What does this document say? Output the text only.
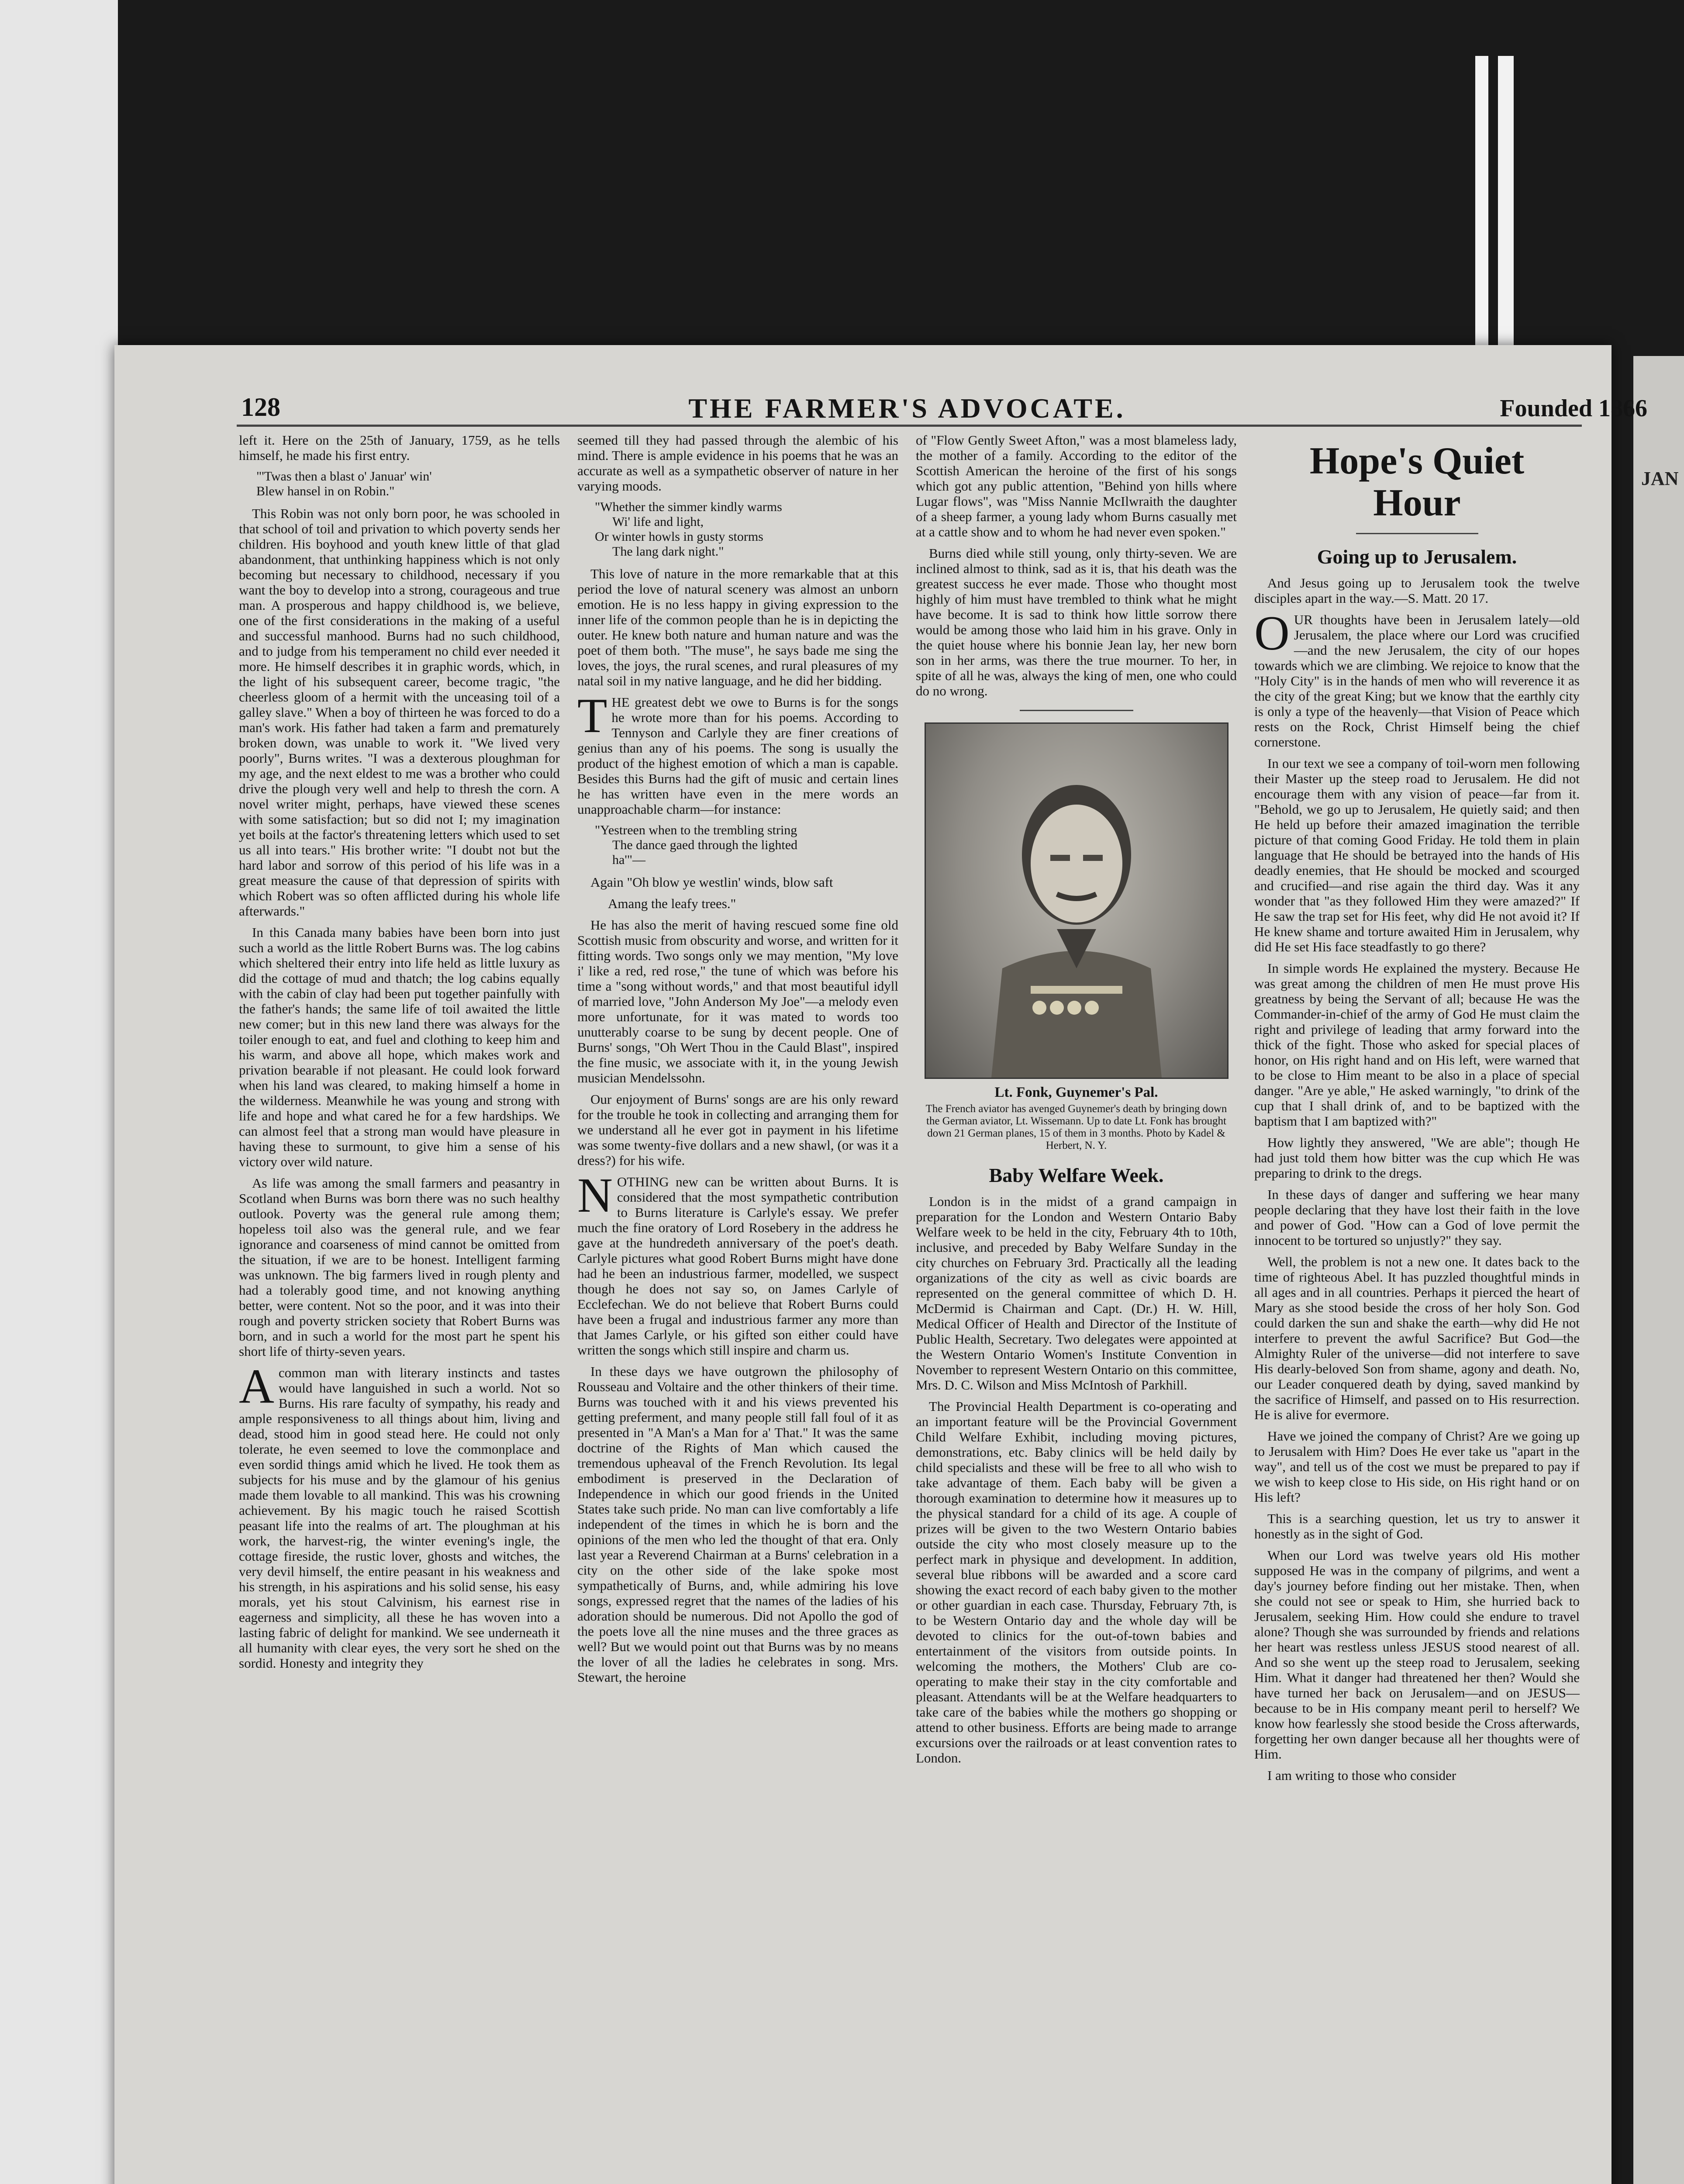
JAN
128	THE FARMER'S ADVOCATE.	Founded 1866

left it. Here on the 25th of January, 1759, as he tells himself, he made his first entry.

"'Twas then a blast o' Januar' win'
Blew hansel in on Robin."

This Robin was not only born poor, he was schooled in that school of toil and privation to which poverty sends her children. His boyhood and youth knew little of that glad abandonment, that unthinking happiness which is not only becoming but necessary to childhood, necessary if you want the boy to develop into a strong, courageous and true man. A prosperous and happy childhood is, we believe, one of the first considerations in the making of a useful and successful manhood. Burns had no such childhood, and to judge from his temperament no child ever needed it more. He himself describes it in graphic words, which, in the light of his subsequent career, become tragic, "the cheerless gloom of a hermit with the unceasing toil of a galley slave." When a boy of thirteen he was forced to do a man's work. His father had taken a farm and prematurely broken down, was unable to work it. "We lived very poorly", Burns writes. "I was a dexterous ploughman for my age, and the next eldest to me was a brother who could drive the plough very well and help to thresh the corn. A novel writer might, perhaps, have viewed these scenes with some satisfaction; but so did not I; my imagination yet boils at the factor's threatening letters which used to set us all into tears." His brother write: "I doubt not but the hard labor and sorrow of this period of his life was in a great measure the cause of that depression of spirits with which Robert was so often afflicted during his whole life afterwards."

In this Canada many babies have been born into just such a world as the little Robert Burns was. The log cabins which sheltered their entry into life held as little luxury as did the cottage of mud and thatch; the log cabins equally with the cabin of clay had been put together painfully with the father's hands; the same life of toil awaited the little new comer; but in this new land there was always for the toiler enough to eat, and fuel and clothing to keep him and his warm, and above all hope, which makes work and privation bearable if not pleasant. He could look forward when his land was cleared, to making himself a home in the wilderness. Meanwhile he was young and strong with life and hope and what cared he for a few hardships. We can almost feel that a strong man would have pleasure in having these to surmount, to give him a sense of his victory over wild nature.

As life was among the small farmers and peasantry in Scotland when Burns was born there was no such healthy outlook. Poverty was the general rule among them; hopeless toil also was the general rule, and we fear ignorance and coarseness of mind cannot be omitted from the situation, if we are to be honest. Intelligent farming was unknown. The big farmers lived in rough plenty and had a tolerably good time, and not knowing anything better, were content. Not so the poor, and it was into their rough and poverty stricken society that Robert Burns was born, and in such a world for the most part he spent his short life of thirty-seven years.

Acommon man with literary instincts and tastes would have languished in such a world. Not so Burns. His rare faculty of sympathy, his ready and ample responsiveness to all things about him, living and dead, stood him in good stead here. He could not only tolerate, he even seemed to love the commonplace and even sordid things amid which he lived. He took them as subjects for his muse and by the glamour of his genius made them lovable to all mankind. This was his crowning achievement. By his magic touch he raised Scottish peasant life into the realms of art. The ploughman at his work, the harvest-rig, the winter evening's ingle, the cottage fireside, the rustic lover, ghosts and witches, the very devil himself, the entire peasant in his weakness and his strength, in his aspirations and his solid sense, his easy morals, yet his stout Calvinism, his earnest rise in eagerness and simplicity, all these he has woven into a lasting fabric of delight for mankind. We see underneath it all humanity with clear eyes, the very sort he shed on the sordid. Honesty and integrity they

seemed till they had passed through the alembic of his mind. There is ample evidence in his poems that he was an accurate as well as a sympathetic observer of nature in her varying moods.

"Whether the simmer kindly warms
Wi' life and light,
Or winter howls in gusty storms
The lang dark night."

This love of nature in the more remarkable that at this period the love of natural scenery was almost an unborn emotion. He is no less happy in giving expression to the inner life of the common people than he is in depicting the outer. He knew both nature and human nature and was the poet of them both. "The muse", he says bade me sing the loves, the joys, the rural scenes, and rural pleasures of my natal soil in my native language, and he did her bidding.

THE greatest debt we owe to Burns is for the songs he wrote more than for his poems. According to Tennyson and Carlyle they are finer creations of genius than any of his poems. The song is usually the product of the highest emotion of which a man is capable. Besides this Burns had the gift of music and certain lines he has written have even in the mere words an unapproachable charm—for instance:

"Yestreen when to the trembling string
The dance gaed through the lighted
ha'"—

Again "Oh blow ye westlin' winds, blow saft

Amang the leafy trees."

He has also the merit of having rescued some fine old Scottish music from obscurity and worse, and written for it fitting words. Two songs only we may mention, "My love i' like a red, red rose," the tune of which was before his time a "song without words," and that most beautiful idyll of married love, "John Anderson My Joe"—a melody even more unfortunate, for it was mated to words too unutterably coarse to be sung by decent people. One of Burns' songs, "Oh Wert Thou in the Cauld Blast", inspired the fine music, we associate with it, in the young Jewish musician Mendelssohn.

Our enjoyment of Burns' songs are are his only reward for the trouble he took in collecting and arranging them for we understand all he ever got in payment in his lifetime was some twenty-five dollars and a new shawl, (or was it a dress?) for his wife.

NOTHING new can be written about Burns. It is considered that the most sympathetic contribution to Burns literature is Carlyle's essay. We prefer much the fine oratory of Lord Rosebery in the address he gave at the hundredeth anniversary of the poet's death. Carlyle pictures what good Robert Burns might have done had he been an industrious farmer, modelled, we suspect though he does not say so, on James Carlyle of Ecclefechan. We do not believe that Robert Burns could have been a frugal and industrious farmer any more than that James Carlyle, or his gifted son either could have written the songs which still inspire and charm us.

In these days we have outgrown the philosophy of Rousseau and Voltaire and the other thinkers of their time. Burns was touched with it and his views prevented his getting preferment, and many people still fall foul of it as presented in "A Man's a Man for a' That." It was the same doctrine of the Rights of Man which caused the tremendous upheaval of the French Revolution. Its legal embodiment is preserved in the Declaration of Independence in which our good friends in the United States take such pride. No man can live comfortably a life independent of the times in which he is born and the opinions of the men who led the thought of that era. Only last year a Reverend Chairman at a Burns' celebration in a city on the other side of the lake spoke most sympathetically of Burns, and, while admiring his love songs, expressed regret that the names of the ladies of his adoration should be numerous. Did not Apollo the god of the poets love all the nine muses and the three graces as well? But we would point out that Burns was by no means the lover of all the ladies he celebrates in song. Mrs. Stewart, the heroine

of "Flow Gently Sweet Afton," was a most blameless lady, the mother of a family. According to the editor of the Scottish American the heroine of the first of his songs which got any public attention, "Behind yon hills where Lugar flows", was "Miss Nannie McIlwraith the daughter of a sheep farmer, a young lady whom Burns casually met at a cattle show and to whom he had never even spoken."

Burns died while still young, only thirty-seven. We are inclined almost to think, sad as it is, that his death was the greatest success he ever made. Those who thought most highly of him must have trembled to think what he might have become. It is sad to think how little sorrow there would be among those who laid him in his grave. Only in the quiet house where his bonnie Jean lay, her new born son in her arms, was there the true mourner. To her, in spite of all he was, always the king of men, one who could do no wrong.

Lt. Fonk, Guynemer's Pal.
The French aviator has avenged Guynemer's death by bringing down the German aviator, Lt. Wissemann. Up to date Lt. Fonk has brought down 21 German planes, 15 of them in 3 months. Photo by Kadel & Herbert, N. Y.
Baby Welfare Week.

London is in the midst of a grand campaign in preparation for the London and Western Ontario Baby Welfare week to be held in the city, February 4th to 10th, inclusive, and preceded by Baby Welfare Sunday in the city churches on February 3rd. Practically all the leading organizations of the city as well as civic boards are represented on the general committee of which D. H. McDermid is Chairman and Capt. (Dr.) H. W. Hill, Medical Officer of Health and Director of the Institute of Public Health, Secretary. Two delegates were appointed at the Western Ontario Women's Institute Convention in November to represent Western Ontario on this committee, Mrs. D. C. Wilson and Miss McIntosh of Parkhill.

The Provincial Health Department is co-operating and an important feature will be the Provincial Government Child Welfare Exhibit, including moving pictures, demonstrations, etc. Baby clinics will be held daily by child specialists and these will be free to all who wish to take advantage of them. Each baby will be given a thorough examination to determine how it measures up to the physical standard for a child of its age. A couple of prizes will be given to the two Western Ontario babies outside the city who most closely measure up to the perfect mark in physique and development. In addition, several blue ribbons will be awarded and a score card showing the exact record of each baby given to the mother or other guardian in each case. Thursday, February 7th, is to be Western Ontario day and the whole day will be devoted to clinics for the out-of-town babies and entertainment of the visitors from outside points. In welcoming the mothers, the Mothers' Club are co-operating to make their stay in the city comfortable and pleasant. Attendants will be at the Welfare headquarters to take care of the babies while the mothers go shopping or attend to other business. Efforts are being made to arrange excursions over the railroads or at least convention rates to London.

Hope's Quiet
Hour
Going up to Jerusalem.

And Jesus going up to Jerusalem took the twelve disciples apart in the way.—S. Matt. 20 17.

OUR thoughts have been in Jerusalem lately—old Jerusalem, the place where our Lord was crucified—and the new Jerusalem, the city of our hopes towards which we are climbing. We rejoice to know that the "Holy City" is in the hands of men who will reverence it as the city of the great King; but we know that the earthly city is only a type of the heavenly—that Vision of Peace which rests on the Rock, Christ Himself being the chief cornerstone.

In our text we see a company of toil-worn men following their Master up the steep road to Jerusalem. He did not encourage them with any vision of peace—far from it. "Behold, we go up to Jerusalem, He quietly said; and then He held up before their amazed imagination the terrible picture of that coming Good Friday. He told them in plain language that He should be betrayed into the hands of His deadly enemies, that He should be mocked and scourged and crucified—and rise again the third day. Was it any wonder that "as they followed Him they were amazed?" If He saw the trap set for His feet, why did He not avoid it? If He knew shame and torture awaited Him in Jerusalem, why did He set His face steadfastly to go there?

In simple words He explained the mystery. Because He was great among the children of men He must prove His greatness by being the Servant of all; because He was the Commander-in-chief of the army of God He must claim the right and privilege of leading that army forward into the thick of the fight. Those who asked for special places of honor, on His right hand and on His left, were warned that to be close to Him meant to be also in a place of special danger. "Are ye able," He asked warningly, "to drink of the cup that I shall drink of, and to be baptized with the baptism that I am baptized with?"

How lightly they answered, "We are able"; though He had just told them how bitter was the cup which He was preparing to drink to the dregs.

In these days of danger and suffering we hear many people declaring that they have lost their faith in the love and power of God. "How can a God of love permit the innocent to be tortured so unjustly?" they say.

Well, the problem is not a new one. It dates back to the time of righteous Abel. It has puzzled thoughtful minds in all ages and in all countries. Perhaps it pierced the heart of Mary as she stood beside the cross of her holy Son. God could darken the sun and shake the earth—why did He not interfere to prevent the awful Sacrifice? But God—the Almighty Ruler of the universe—did not interfere to save His dearly-beloved Son from shame, agony and death. No, our Leader conquered death by dying, saved mankind by the sacrifice of Himself, and passed on to His resurrection. He is alive for evermore.

Have we joined the company of Christ? Are we going up to Jerusalem with Him? Does He ever take us "apart in the way", and tell us of the cost we must be prepared to pay if we wish to keep close to His side, on His right hand or on His left?

This is a searching question, let us try to answer it honestly as in the sight of God.

When our Lord was twelve years old His mother supposed He was in the company of pilgrims, and went a day's journey before finding out her mistake. Then, when she could not see or speak to Him, she hurried back to Jerusalem, seeking Him. How could she endure to travel alone? Though she was surrounded by friends and relations her heart was restless unless JESUS stood nearest of all. And so she went up the steep road to Jerusalem, seeking Him. What it danger had threatened her then? Would she have turned her back on Jerusalem—and on JESUS—because to be in His company meant peril to herself? We know how fearlessly she stood beside the Cross afterwards, forgetting her own danger because all her thoughts were of Him.

I am writing to those who consider
